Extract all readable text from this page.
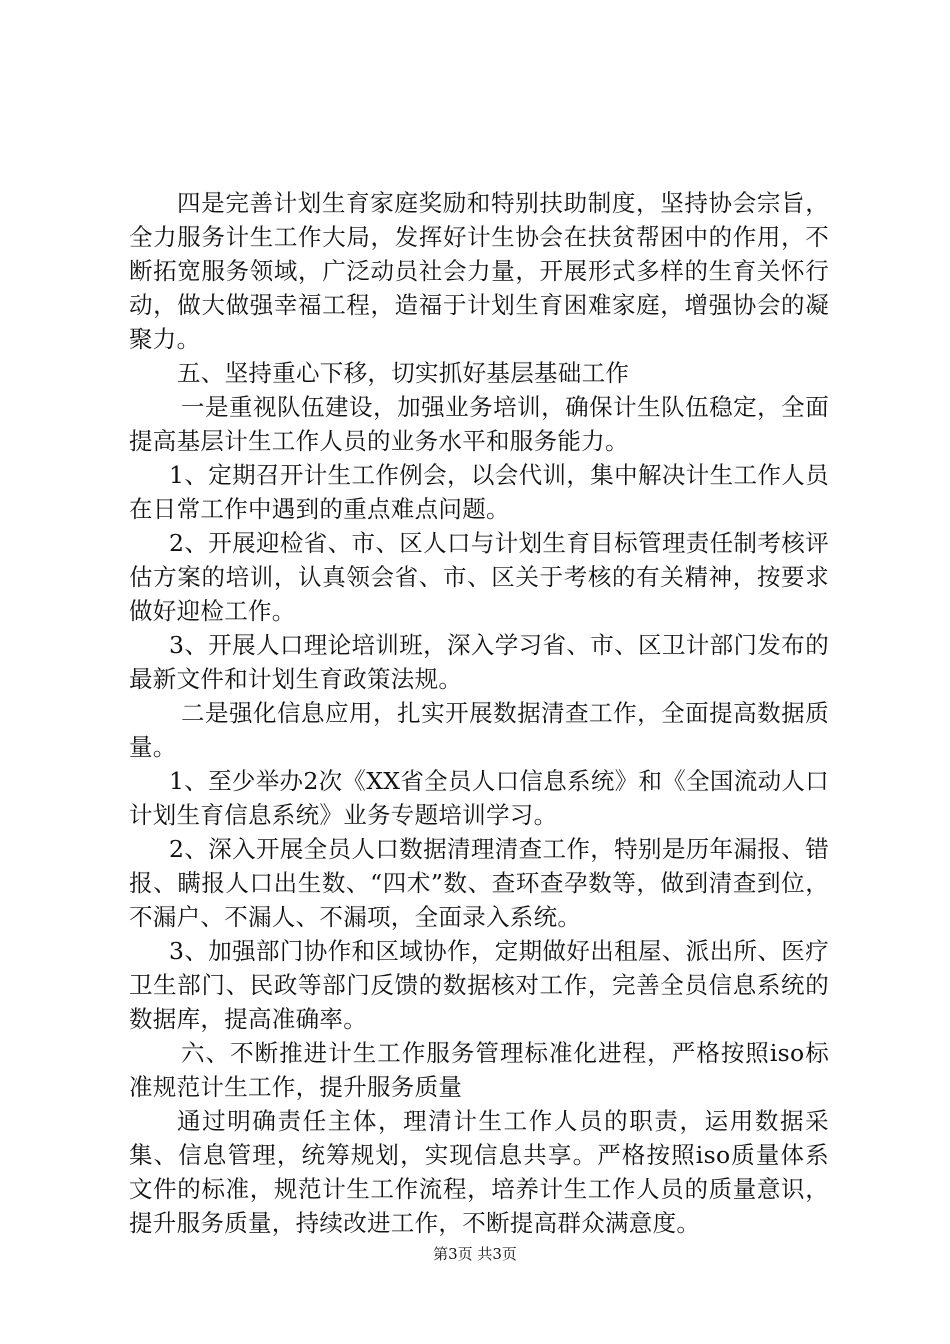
四是完善计划生育家庭奖励和特别扶助制度，坚持协会宗旨，全力服务计生工作大局，发挥好计生协会在扶贫帮困中的作用，不断拓宽服务领域，广泛动员社会力量，开展形式多样的生育关怀行动，做大做强幸福工程，造福于计划生育困难家庭，增强协会的凝聚力。

五、坚持重心下移，切实抓好基层基础工作

一是重视队伍建设，加强业务培训，确保计生队伍稳定，全面提高基层计生工作人员的业务水平和服务能力。

1、定期召开计生工作例会，以会代训，集中解决计生工作人员在日常工作中遇到的重点难点问题。

2、开展迎检省、市、区人口与计划生育目标管理责任制考核评估方案的培训，认真领会省、市、区关于考核的有关精神，按要求做好迎检工作。

3、开展人口理论培训班，深入学习省、市、区卫计部门发布的最新文件和计划生育政策法规。

二是强化信息应用，扎实开展数据清查工作，全面提高数据质量。

1、至少举办2次《XX省全员人口信息系统》和《全国流动人口计划生育信息系统》业务专题培训学习。

2、深入开展全员人口数据清理清查工作，特别是历年漏报、错报、瞒报人口出生数、“四术”数、查环查孕数等，做到清查到位，不漏户、不漏人、不漏项，全面录入系统。

3、加强部门协作和区域协作，定期做好出租屋、派出所、医疗卫生部门、民政等部门反馈的数据核对工作，完善全员信息系统的数据库，提高准确率。

六、不断推进计生工作服务管理标准化进程，严格按照iso标准规范计生工作，提升服务质量

通过明确责任主体，理清计生工作人员的职责，运用数据采集、信息管理，统筹规划，实现信息共享。严格按照iso质量体系文件的标准，规范计生工作流程，培养计生工作人员的质量意识，提升服务质量，持续改进工作，不断提高群众满意度。

第3页 共3页
